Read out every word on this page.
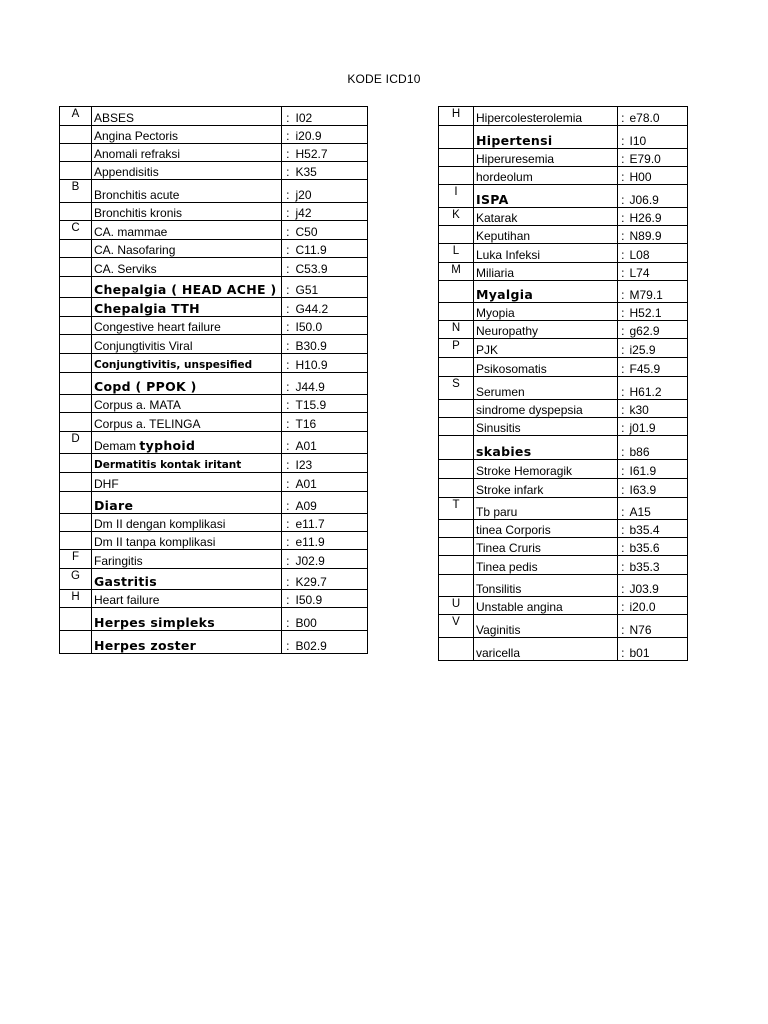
KODE ICD10
A	ABSES	:	I02
	Angina Pectoris	:	i20.9
	Anomali refraksi	:	H52.7
	Appendisitis	:	K35
B	Bronchitis acute	:	j20
	Bronchitis kronis	:	j42
C	CA. mammae	:	C50
	CA. Nasofaring	:	C11.9
	CA. Serviks	:	C53.9
	Chepalgia ( HEAD ACHE )	:	G51
	Chepalgia TTH	:	G44.2
	Congestive heart failure	:	I50.0
	Conjungtivitis Viral	:	B30.9
	Conjungtivitis, unspesified	:	H10.9
	Copd ( PPOK )	:	J44.9
	Corpus a. MATA	:	T15.9
	Corpus a. TELINGA	:	T16
D	Demam typhoid	:	A01
	Dermatitis kontak iritant	:	I23
	DHF	:	A01
	Diare	:	A09
	Dm II dengan komplikasi	:	e11.7
	Dm II tanpa komplikasi	:	e11.9
F	Faringitis	:	J02.9
G	Gastritis	:	K29.7
H	Heart failure	:	I50.9
	Herpes simpleks	:	B00
	Herpes zoster	:	B02.9
H	Hipercolesterolemia	:	e78.0
	Hipertensi	:	I10
	Hiperuresemia	:	E79.0
	hordeolum	:	H00
I	ISPA	:	J06.9
K	Katarak	:	H26.9
	Keputihan	:	N89.9
L	Luka Infeksi	:	L08
M	Miliaria	:	L74
	Myalgia	:	M79.1
	Myopia	:	H52.1
N	Neuropathy	:	g62.9
P	PJK	:	i25.9
	Psikosomatis	:	F45.9
S	Serumen	:	H61.2
	sindrome dyspepsia	:	k30
	Sinusitis	:	j01.9
	skabies	:	b86
	Stroke Hemoragik	:	I61.9
	Stroke infark	:	I63.9
T	Tb paru	:	A15
	tinea Corporis	:	b35.4
	Tinea Cruris	:	b35.6
	Tinea pedis	:	b35.3
	Tonsilitis	:	J03.9
U	Unstable angina	:	i20.0
V	Vaginitis	:	N76
	varicella	:	b01
